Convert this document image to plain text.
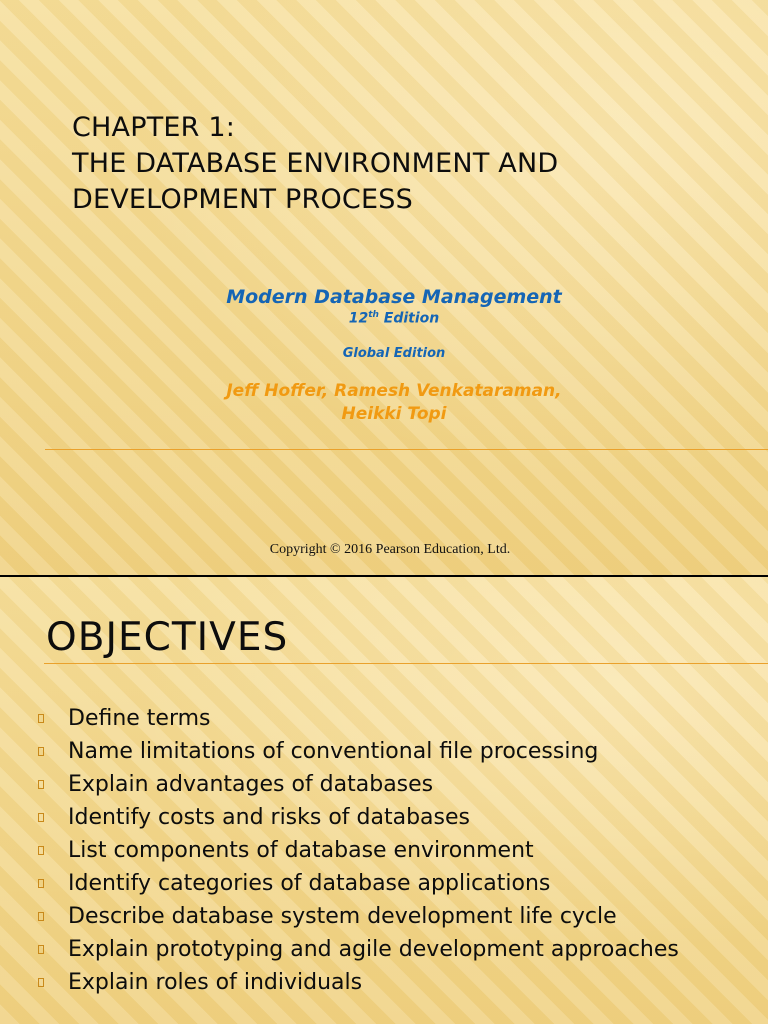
CHAPTER 1:
THE DATABASE ENVIRONMENT AND
DEVELOPMENT PROCESS
Modern Database Management
12th Edition
Global Edition
Jeff Hoffer, Ramesh Venkataraman,
Heikki Topi
Copyright © 2016 Pearson Education, Ltd.
OBJECTIVES
Define terms
Name limitations of conventional file processing
Explain advantages of databases
Identify costs and risks of databases
List components of database environment
Identify categories of database applications
Describe database system development life cycle
Explain prototyping and agile development approaches
Explain roles of individuals
